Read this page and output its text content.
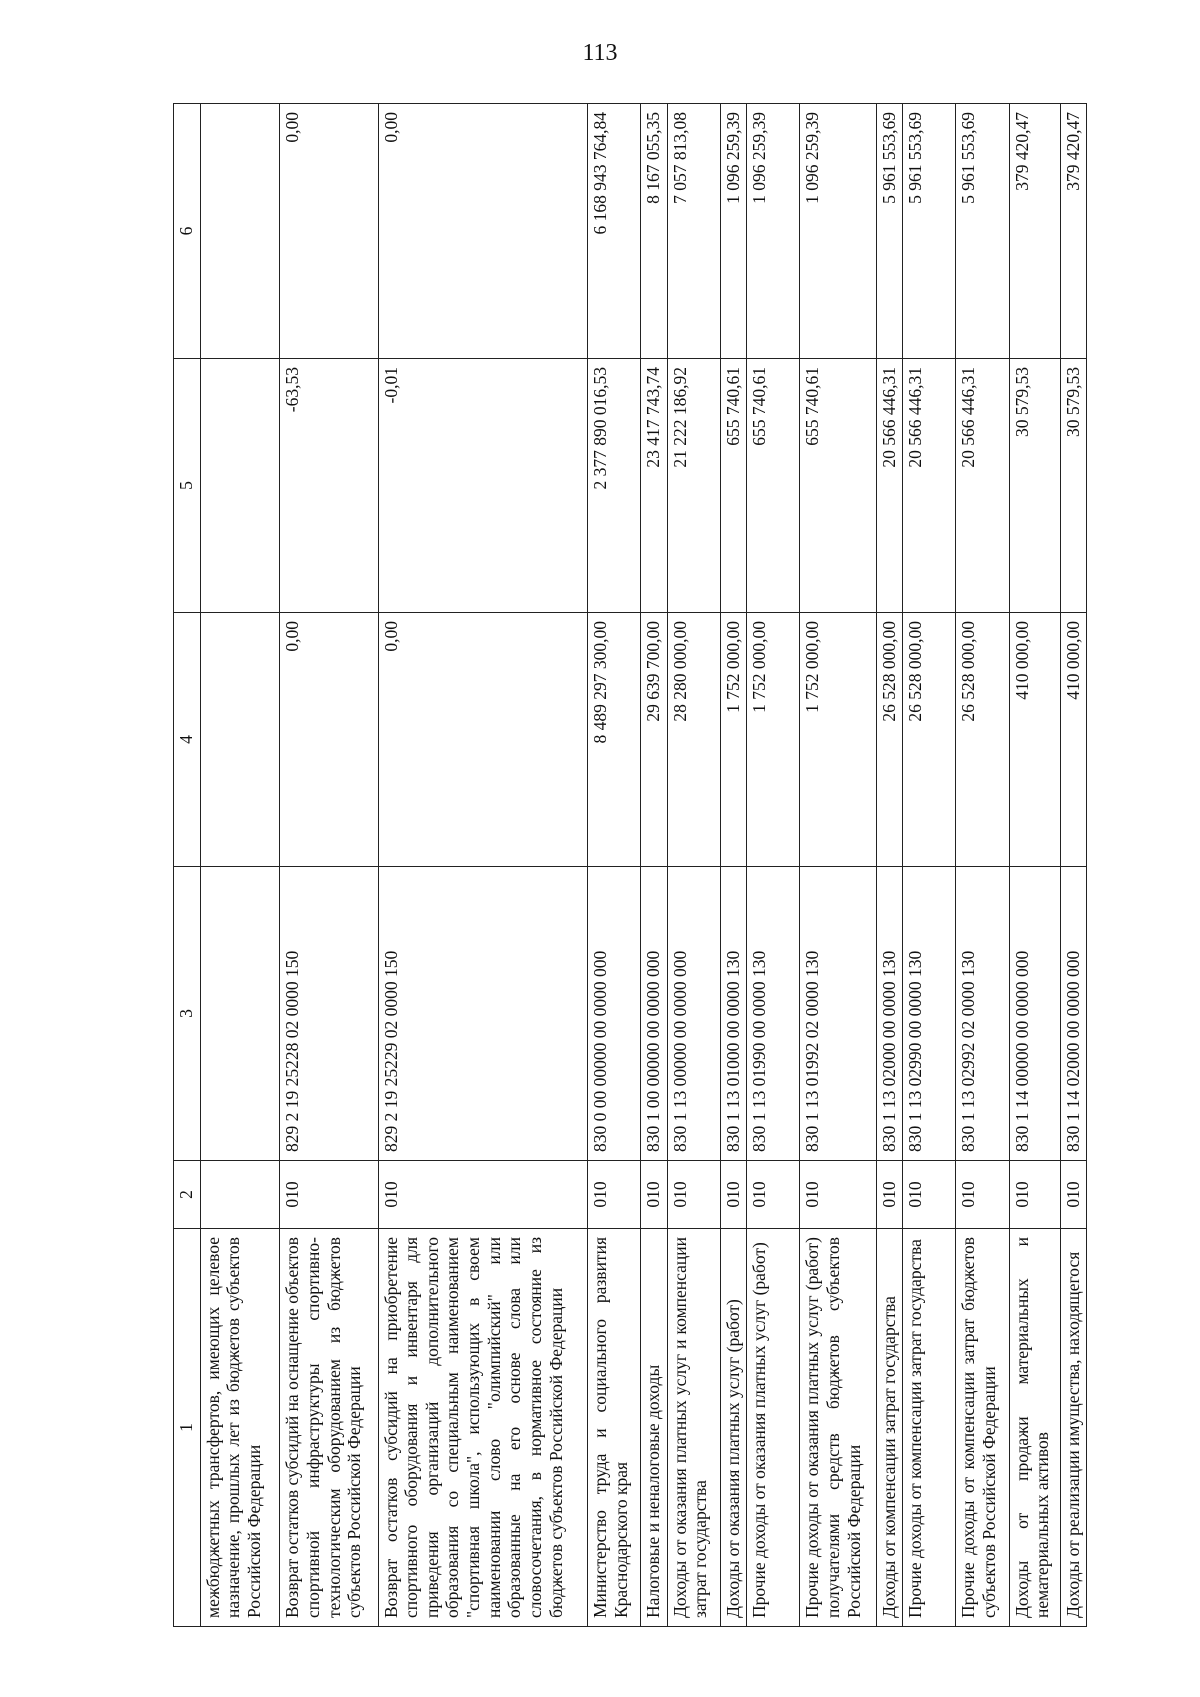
113
1	2	3	4	5	6
межбюджетных трансфертов, имеющих целевое назначение, прошлых лет из бюджетов субъектов Российской Федерации					
Возврат остатков субсидий на оснащение объектов спортивной инфраструктуры спортивно-технологическим оборудованием из бюджетов субъектов Российской Федерации	010	829 2 19 25228 02 0000 150	0,00	-63,53	0,00
Возврат остатков субсидий на приобретение спортивного оборудования и инвентаря для приведения организаций дополнительного образования со специальным наименованием "спортивная школа", использующих в своем наименовании слово "олимпийский" или образованные на его основе слова или словосочетания, в нормативное состояние из бюджетов субъектов Российской Федерации	010	829 2 19 25229 02 0000 150	0,00	-0,01	0,00
Министерство труда и социального развития Краснодарского края	010	830 0 00 00000 00 0000 000	8 489 297 300,00	2 377 890 016,53	6 168 943 764,84
Налоговые и неналоговые доходы	010	830 1 00 00000 00 0000 000	29 639 700,00	23 417 743,74	8 167 055,35
Доходы от оказания платных услуг и компенсации затрат государства	010	830 1 13 00000 00 0000 000	28 280 000,00	21 222 186,92	7 057 813,08
Доходы от оказания платных услуг (работ)	010	830 1 13 01000 00 0000 130	1 752 000,00	655 740,61	1 096 259,39
Прочие доходы от оказания платных услуг (работ)	010	830 1 13 01990 00 0000 130	1 752 000,00	655 740,61	1 096 259,39
Прочие доходы от оказания платных услуг (работ) получателями средств бюджетов субъектов Российской Федерации	010	830 1 13 01992 02 0000 130	1 752 000,00	655 740,61	1 096 259,39
Доходы от компенсации затрат государства	010	830 1 13 02000 00 0000 130	26 528 000,00	20 566 446,31	5 961 553,69
Прочие доходы от компенсации затрат государства	010	830 1 13 02990 00 0000 130	26 528 000,00	20 566 446,31	5 961 553,69
Прочие доходы от компенсации затрат бюджетов субъектов Российской Федерации	010	830 1 13 02992 02 0000 130	26 528 000,00	20 566 446,31	5 961 553,69
Доходы от продажи материальных и нематериальных активов	010	830 1 14 00000 00 0000 000	410 000,00	30 579,53	379 420,47
Доходы от реализации имущества, находящегося	010	830 1 14 02000 00 0000 000	410 000,00	30 579,53	379 420,47
